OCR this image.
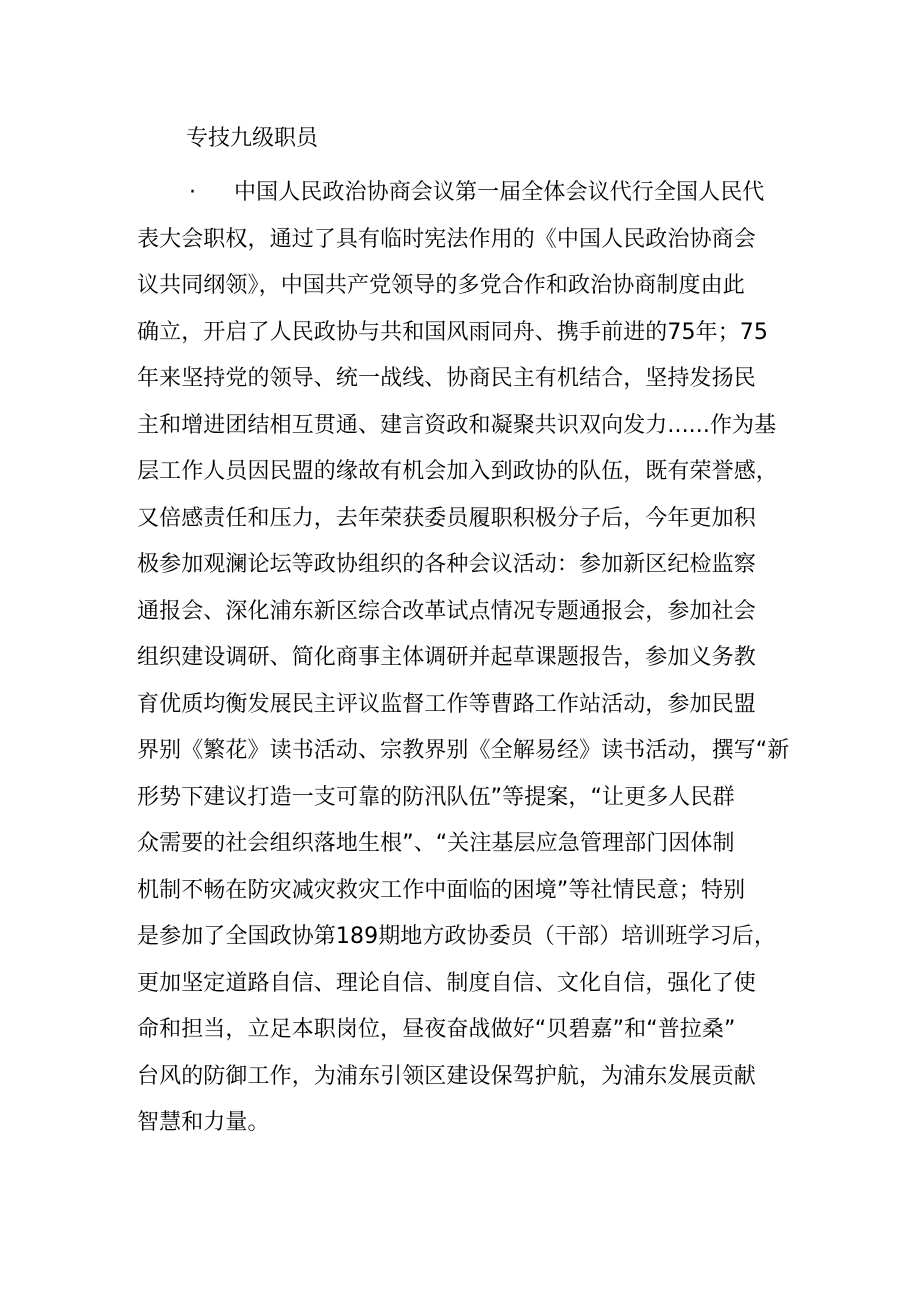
专技九级职员
· 中国人民政治协商会议第一届全体会议代行全国人民代
表大会职权，通过了具有临时宪法作用的《中国人民政治协商会
议共同纲领》，中国共产党领导的多党合作和政治协商制度由此
确立，开启了人民政协与共和国风雨同舟、携手前进的75年；75
年来坚持党的领导、统一战线、协商民主有机结合，坚持发扬民
主和增进团结相互贯通、建言资政和凝聚共识双向发力......作为基
层工作人员因民盟的缘故有机会加入到政协的队伍，既有荣誉感，
又倍感责任和压力，去年荣获委员履职积极分子后，今年更加积
极参加观澜论坛等政协组织的各种会议活动：参加新区纪检监察
通报会、深化浦东新区综合改革试点情况专题通报会，参加社会
组织建设调研、简化商事主体调研并起草课题报告，参加义务教
育优质均衡发展民主评议监督工作等曹路工作站活动，参加民盟
界别《繁花》读书活动、宗教界别《全解易经》读书活动，撰写“新
形势下建议打造一支可靠的防汛队伍”等提案，“让更多人民群
众需要的社会组织落地生根”、“关注基层应急管理部门因体制
机制不畅在防灾减灾救灾工作中面临的困境”等社情民意；特别
是参加了全国政协第189期地方政协委员（干部）培训班学习后，
更加坚定道路自信、理论自信、制度自信、文化自信，强化了使
命和担当，立足本职岗位，昼夜奋战做好“贝碧嘉”和“普拉桑”
台风的防御工作，为浦东引领区建设保驾护航，为浦东发展贡献
智慧和力量。
